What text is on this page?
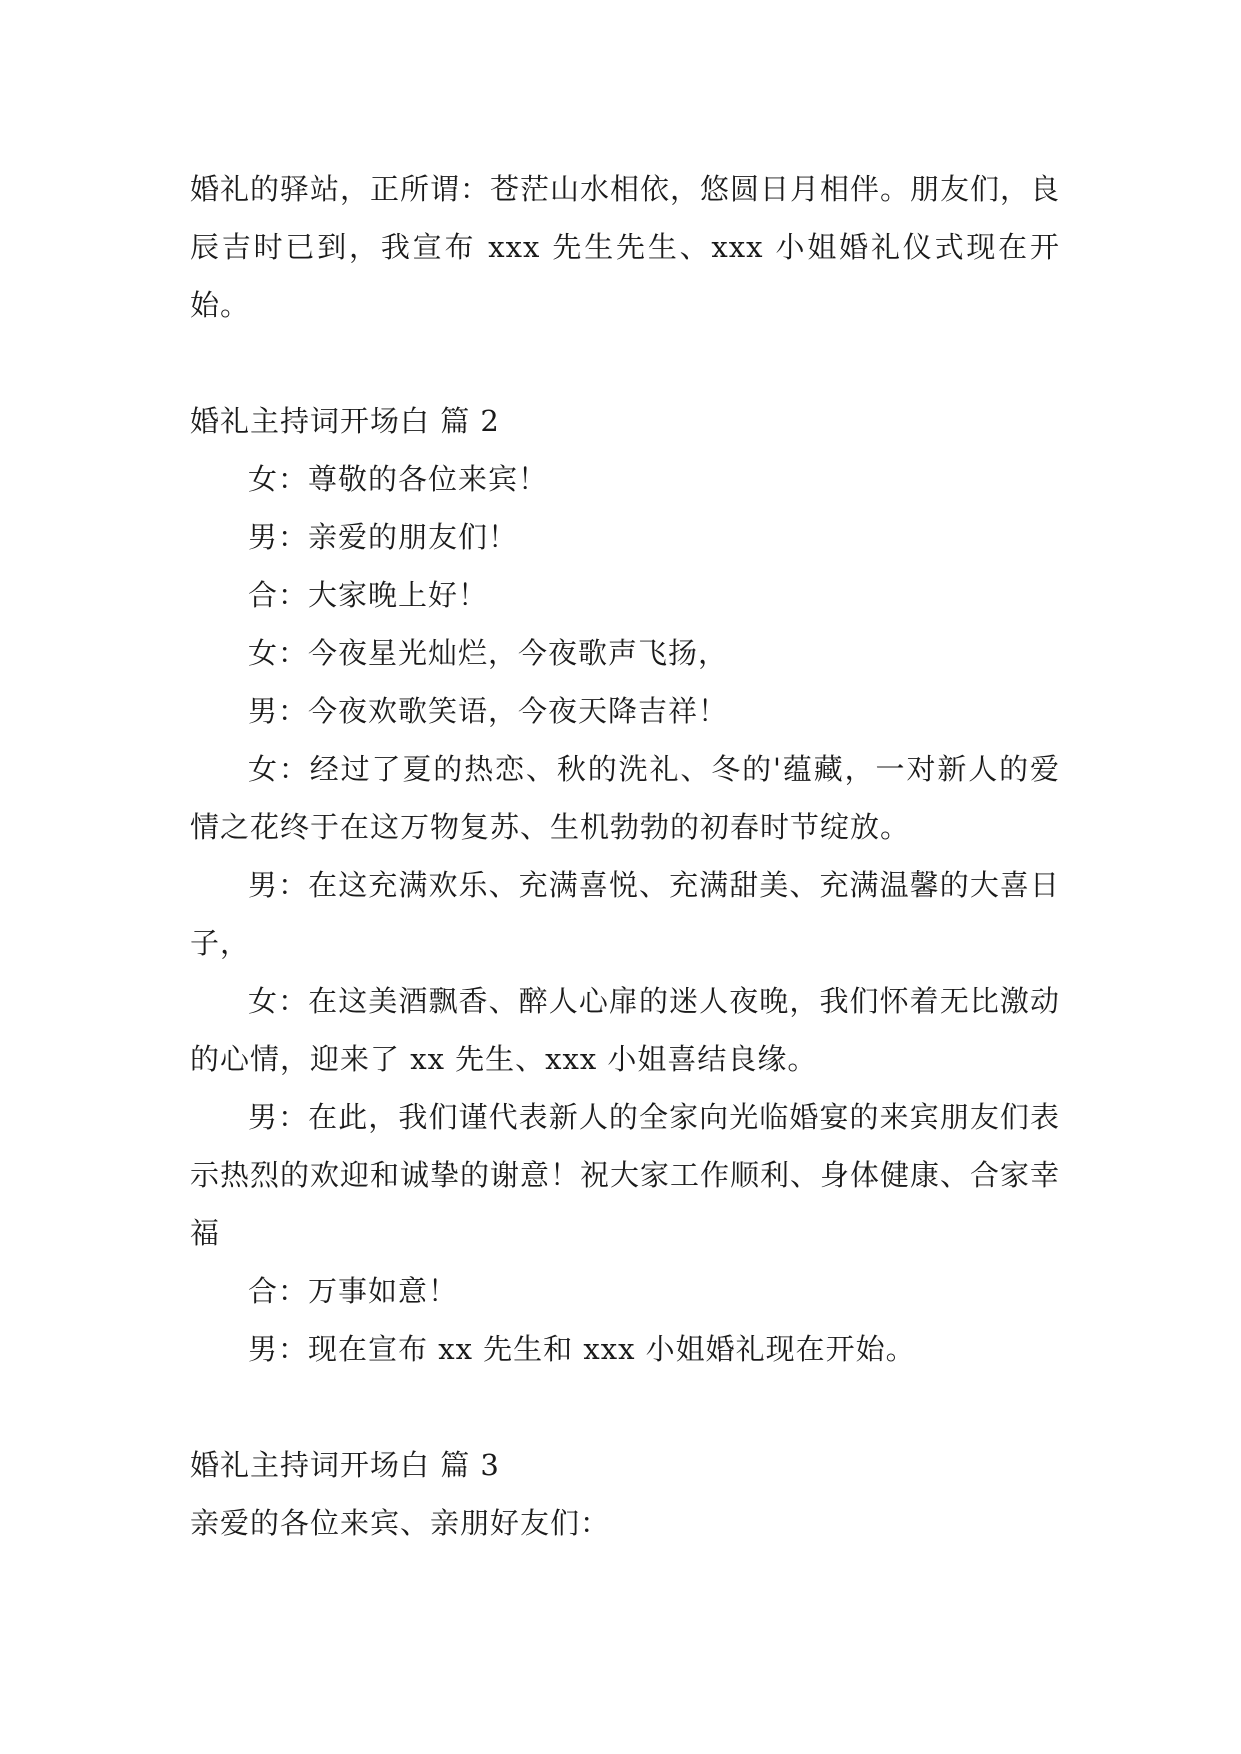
婚礼的驿站，正所谓：苍茫山水相依，悠圆日月相伴。朋友们，良辰吉时已到，我宣布 xxx 先生先生、xxx 小姐婚礼仪式现在开始。

婚礼主持词开场白 篇 2

女：尊敬的各位来宾！

男：亲爱的朋友们！

合：大家晚上好！

女：今夜星光灿烂，今夜歌声飞扬，

男：今夜欢歌笑语，今夜天降吉祥！

女：经过了夏的热恋、秋的洗礼、冬的'蕴藏，一对新人的爱情之花终于在这万物复苏、生机勃勃的初春时节绽放。

男：在这充满欢乐、充满喜悦、充满甜美、充满温馨的大喜日子，

女：在这美酒飘香、醉人心扉的迷人夜晚，我们怀着无比激动的心情，迎来了 xx 先生、xxx 小姐喜结良缘。

男：在此，我们谨代表新人的全家向光临婚宴的来宾朋友们表示热烈的欢迎和诚挚的谢意！祝大家工作顺利、身体健康、合家幸福

合：万事如意！

男：现在宣布 xx 先生和 xxx 小姐婚礼现在开始。

婚礼主持词开场白 篇 3

亲爱的各位来宾、亲朋好友们：
